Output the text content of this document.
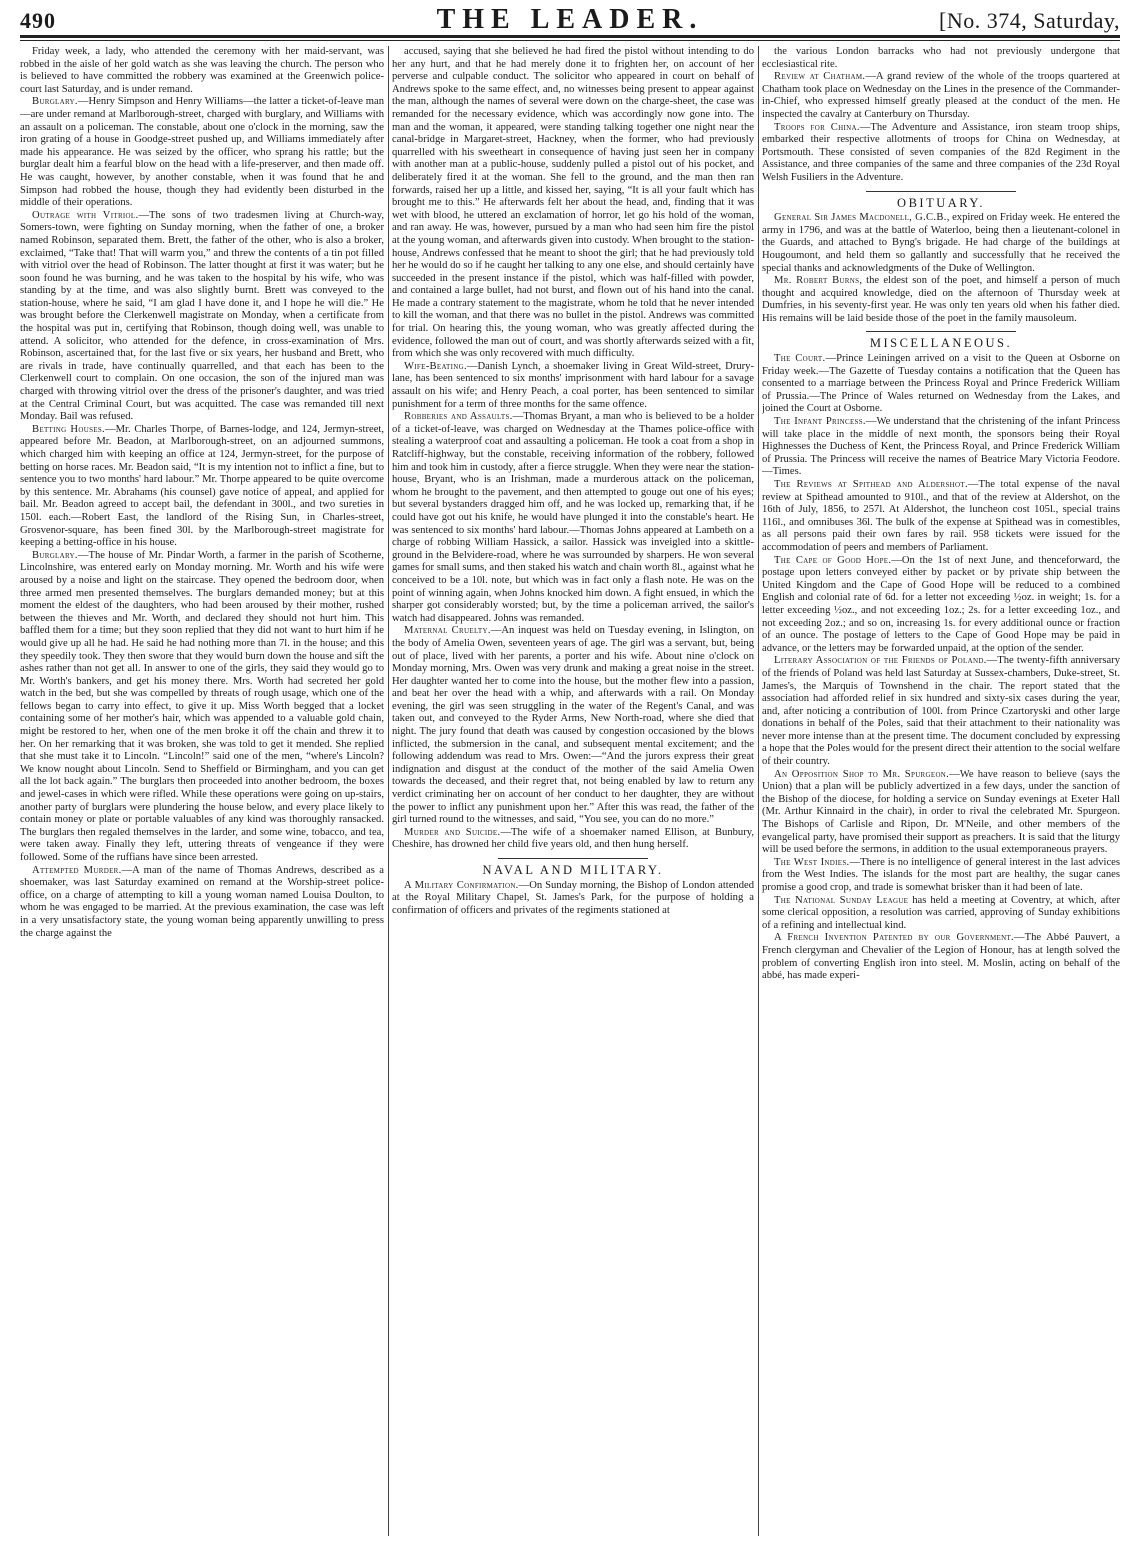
490	THE LEADER.	[No. 374, Saturday,

Friday week, a lady, who attended the ceremony with her maid-servant, was robbed in the aisle of her gold watch as she was leaving the church. The person who is believed to have committed the robbery was examined at the Greenwich police-court last Saturday, and is under remand.

Burglary.—Henry Simpson and Henry Williams—the latter a ticket-of-leave man—are under remand at Marlborough-street, charged with burglary, and Williams with an assault on a policeman. The constable, about one o'clock in the morning, saw the iron grating of a house in Goodge-street pushed up, and Williams immediately after made his appearance. He was seized by the officer, who sprang his rattle; but the burglar dealt him a fearful blow on the head with a life-preserver, and then made off. He was caught, however, by another constable, when it was found that he and Simpson had robbed the house, though they had evidently been disturbed in the middle of their operations.

Outrage with Vitriol.—The sons of two tradesmen living at Church-way, Somers-town, were fighting on Sunday morning, when the father of one, a broker named Robinson, separated them. Brett, the father of the other, who is also a broker, exclaimed, “Take that! That will warm you,” and threw the contents of a tin pot filled with vitriol over the head of Robinson. The latter thought at first it was water; but he soon found he was burning, and he was taken to the hospital by his wife, who was standing by at the time, and was also slightly burnt. Brett was conveyed to the station-house, where he said, “I am glad I have done it, and I hope he will die.” He was brought before the Clerkenwell magistrate on Monday, when a certificate from the hospital was put in, certifying that Robinson, though doing well, was unable to attend. A solicitor, who attended for the defence, in cross-examination of Mrs. Robinson, ascertained that, for the last five or six years, her husband and Brett, who are rivals in trade, have continually quarrelled, and that each has been to the Clerkenwell court to complain. On one occasion, the son of the injured man was charged with throwing vitriol over the dress of the prisoner's daughter, and was tried at the Central Criminal Court, but was acquitted. The case was remanded till next Monday. Bail was refused.

Betting Houses.—Mr. Charles Thorpe, of Barnes-lodge, and 124, Jermyn-street, appeared before Mr. Beadon, at Marlborough-street, on an adjourned summons, which charged him with keeping an office at 124, Jermyn-street, for the purpose of betting on horse races. Mr. Beadon said, “It is my intention not to inflict a fine, but to sentence you to two months' hard labour.” Mr. Thorpe appeared to be quite overcome by this sentence. Mr. Abrahams (his counsel) gave notice of appeal, and applied for bail. Mr. Beadon agreed to accept bail, the defendant in 300l., and two sureties in 150l. each.—Robert East, the landlord of the Rising Sun, in Charles-street, Grosvenor-square, has been fined 30l. by the Marlborough-street magistrate for keeping a betting-office in his house.

Burglary.—The house of Mr. Pindar Worth, a farmer in the parish of Scotherne, Lincolnshire, was entered early on Monday morning. Mr. Worth and his wife were aroused by a noise and light on the staircase. They opened the bedroom door, when three armed men presented themselves. The burglars demanded money; but at this moment the eldest of the daughters, who had been aroused by their mother, rushed between the thieves and Mr. Worth, and declared they should not hurt him. This baffled them for a time; but they soon replied that they did not want to hurt him if he would give up all he had. He said he had nothing more than 7l. in the house; and this they speedily took. They then swore that they would burn down the house and sift the ashes rather than not get all. In answer to one of the girls, they said they would go to Mr. Worth's bankers, and get his money there. Mrs. Worth had secreted her gold watch in the bed, but she was compelled by threats of rough usage, which one of the fellows began to carry into effect, to give it up. Miss Worth begged that a locket containing some of her mother's hair, which was appended to a valuable gold chain, might be restored to her, when one of the men broke it off the chain and threw it to her. On her remarking that it was broken, she was told to get it mended. She replied that she must take it to Lincoln. “Lincoln!” said one of the men, “where's Lincoln? We know nought about Lincoln. Send to Sheffield or Birmingham, and you can get all the lot back again.” The burglars then proceeded into another bedroom, the boxes and jewel-cases in which were rifled. While these operations were going on up-stairs, another party of burglars were plundering the house below, and every place likely to contain money or plate or portable valuables of any kind was thoroughly ransacked. The burglars then regaled themselves in the larder, and some wine, tobacco, and tea, were taken away. Finally they left, uttering threats of vengeance if they were followed. Some of the ruffians have since been arrested.

Attempted Murder.—A man of the name of Thomas Andrews, described as a shoemaker, was last Saturday examined on remand at the Worship-street police-office, on a charge of attempting to kill a young woman named Louisa Doulton, to whom he was engaged to be married. At the previous examination, the case was left in a very unsatisfactory state, the young woman being apparently unwilling to press the charge against the

accused, saying that she believed he had fired the pistol without intending to do her any hurt, and that he had merely done it to frighten her, on account of her perverse and culpable conduct. The solicitor who appeared in court on behalf of Andrews spoke to the same effect, and, no witnesses being present to appear against the man, although the names of several were down on the charge-sheet, the case was remanded for the necessary evidence, which was accordingly now gone into. The man and the woman, it appeared, were standing talking together one night near the canal-bridge in Margaret-street, Hackney, when the former, who had previously quarrelled with his sweetheart in consequence of having just seen her in company with another man at a public-house, suddenly pulled a pistol out of his pocket, and deliberately fired it at the woman. She fell to the ground, and the man then ran forwards, raised her up a little, and kissed her, saying, “It is all your fault which has brought me to this.” He afterwards felt her about the head, and, finding that it was wet with blood, he uttered an exclamation of horror, let go his hold of the woman, and ran away. He was, however, pursued by a man who had seen him fire the pistol at the young woman, and afterwards given into custody. When brought to the station-house, Andrews confessed that he meant to shoot the girl; that he had previously told her he would do so if he caught her talking to any one else, and should certainly have succeeded in the present instance if the pistol, which was half-filled with powder, and contained a large bullet, had not burst, and flown out of his hand into the canal. He made a contrary statement to the magistrate, whom he told that he never intended to kill the woman, and that there was no bullet in the pistol. Andrews was committed for trial. On hearing this, the young woman, who was greatly affected during the evidence, followed the man out of court, and was shortly afterwards seized with a fit, from which she was only recovered with much difficulty.

Wife-Beating.—Danish Lynch, a shoemaker living in Great Wild-street, Drury-lane, has been sentenced to six months' imprisonment with hard labour for a savage assault on his wife; and Henry Peach, a coal porter, has been sentenced to similar punishment for a term of three months for the same offence.

Robberies and Assaults.—Thomas Bryant, a man who is believed to be a holder of a ticket-of-leave, was charged on Wednesday at the Thames police-office with stealing a waterproof coat and assaulting a policeman. He took a coat from a shop in Ratcliff-highway, but the constable, receiving information of the robbery, followed him and took him in custody, after a fierce struggle. When they were near the station-house, Bryant, who is an Irishman, made a murderous attack on the policeman, whom he brought to the pavement, and then attempted to gouge out one of his eyes; but several bystanders dragged him off, and he was locked up, remarking that, if he could have got out his knife, he would have plunged it into the constable's heart. He was sentenced to six months' hard labour.—Thomas Johns appeared at Lambeth on a charge of robbing William Hassick, a sailor. Hassick was inveigled into a skittle-ground in the Belvidere-road, where he was surrounded by sharpers. He won several games for small sums, and then staked his watch and chain worth 8l., against what he conceived to be a 10l. note, but which was in fact only a flash note. He was on the point of winning again, when Johns knocked him down. A fight ensued, in which the sharper got considerably worsted; but, by the time a policeman arrived, the sailor's watch had disappeared. Johns was remanded.

Maternal Cruelty.—An inquest was held on Tuesday evening, in Islington, on the body of Amelia Owen, seventeen years of age. The girl was a servant, but, being out of place, lived with her parents, a porter and his wife. About nine o'clock on Monday morning, Mrs. Owen was very drunk and making a great noise in the street. Her daughter wanted her to come into the house, but the mother flew into a passion, and beat her over the head with a whip, and afterwards with a rail. On Monday evening, the girl was seen struggling in the water of the Regent's Canal, and was taken out, and conveyed to the Ryder Arms, New North-road, where she died that night. The jury found that death was caused by congestion occasioned by the blows inflicted, the submersion in the canal, and subsequent mental excitement; and the following addendum was read to Mrs. Owen:—“And the jurors express their great indignation and disgust at the conduct of the mother of the said Amelia Owen towards the deceased, and their regret that, not being enabled by law to return any verdict criminating her on account of her conduct to her daughter, they are without the power to inflict any punishment upon her.” After this was read, the father of the girl turned round to the witnesses, and said, “You see, you can do no more.”

Murder and Suicide.—The wife of a shoemaker named Ellison, at Bunbury, Cheshire, has drowned her child five years old, and then hung herself.

NAVAL AND MILITARY.

A Military Confirmation.—On Sunday morning, the Bishop of London attended at the Royal Military Chapel, St. James's Park, for the purpose of holding a confirmation of officers and privates of the regiments stationed at

the various London barracks who had not previously undergone that ecclesiastical rite.

Review at Chatham.—A grand review of the whole of the troops quartered at Chatham took place on Wednesday on the Lines in the presence of the Commander-in-Chief, who expressed himself greatly pleased at the conduct of the men. He inspected the cavalry at Canterbury on Thursday.

Troops for China.—The Adventure and Assistance, iron steam troop ships, embarked their respective allotments of troops for China on Wednesday, at Portsmouth. These consisted of seven companies of the 82d Regiment in the Assistance, and three companies of the same and three companies of the 23d Royal Welsh Fusiliers in the Adventure.

OBITUARY.

General Sir James Macdonell, G.C.B., expired on Friday week. He entered the army in 1796, and was at the battle of Waterloo, being then a lieutenant-colonel in the Guards, and attached to Byng's brigade. He had charge of the buildings at Hougoumont, and held them so gallantly and successfully that he received the special thanks and acknowledgments of the Duke of Wellington.

Mr. Robert Burns, the eldest son of the poet, and himself a person of much thought and acquired knowledge, died on the afternoon of Thursday week at Dumfries, in his seventy-first year. He was only ten years old when his father died. His remains will be laid beside those of the poet in the family mausoleum.

MISCELLANEOUS.

The Court.—Prince Leiningen arrived on a visit to the Queen at Osborne on Friday week.—The Gazette of Tuesday contains a notification that the Queen has consented to a marriage between the Princess Royal and Prince Frederick William of Prussia.—The Prince of Wales returned on Wednesday from the Lakes, and joined the Court at Osborne.

The Infant Princess.—We understand that the christening of the infant Princess will take place in the middle of next month, the sponsors being their Royal Highnesses the Duchess of Kent, the Princess Royal, and Prince Frederick William of Prussia. The Princess will receive the names of Beatrice Mary Victoria Feodore.—Times.

The Reviews at Spithead and Aldershot.—The total expense of the naval review at Spithead amounted to 910l., and that of the review at Aldershot, on the 16th of July, 1856, to 257l. At Aldershot, the luncheon cost 105l., special trains 116l., and omnibuses 36l. The bulk of the expense at Spithead was in comestibles, as all persons paid their own fares by rail. 958 tickets were issued for the accommodation of peers and members of Parliament.

The Cape of Good Hope.—On the 1st of next June, and thenceforward, the postage upon letters conveyed either by packet or by private ship between the United Kingdom and the Cape of Good Hope will be reduced to a combined English and colonial rate of 6d. for a letter not exceeding ½oz. in weight; 1s. for a letter exceeding ½oz., and not exceeding 1oz.; 2s. for a letter exceeding 1oz., and not exceeding 2oz.; and so on, increasing 1s. for every additional ounce or fraction of an ounce. The postage of letters to the Cape of Good Hope may be paid in advance, or the letters may be forwarded unpaid, at the option of the sender.

Literary Association of the Friends of Poland.—The twenty-fifth anniversary of the friends of Poland was held last Saturday at Sussex-chambers, Duke-street, St. James's, the Marquis of Townshend in the chair. The report stated that the association had afforded relief in six hundred and sixty-six cases during the year, and, after noticing a contribution of 100l. from Prince Czartoryski and other large donations in behalf of the Poles, said that their attachment to their nationality was never more intense than at the present time. The document concluded by expressing a hope that the Poles would for the present direct their attention to the social welfare of their country.

An Opposition Shop to Mr. Spurgeon.—We have reason to believe (says the Union) that a plan will be publicly advertized in a few days, under the sanction of the Bishop of the diocese, for holding a service on Sunday evenings at Exeter Hall (Mr. Arthur Kinnaird in the chair), in order to rival the celebrated Mr. Spurgeon. The Bishops of Carlisle and Ripon, Dr. M'Neile, and other members of the evangelical party, have promised their support as preachers. It is said that the liturgy will be used before the sermons, in addition to the usual extemporaneous prayers.

The West Indies.—There is no intelligence of general interest in the last advices from the West Indies. The islands for the most part are healthy, the sugar canes promise a good crop, and trade is somewhat brisker than it had been of late.

The National Sunday League has held a meeting at Coventry, at which, after some clerical opposition, a resolution was carried, approving of Sunday exhibitions of a refining and intellectual kind.

A French Invention Patented by our Government.—The Abbé Pauvert, a French clergyman and Chevalier of the Legion of Honour, has at length solved the problem of converting English iron into steel. M. Moslin, acting on behalf of the abbé, has made experi-
